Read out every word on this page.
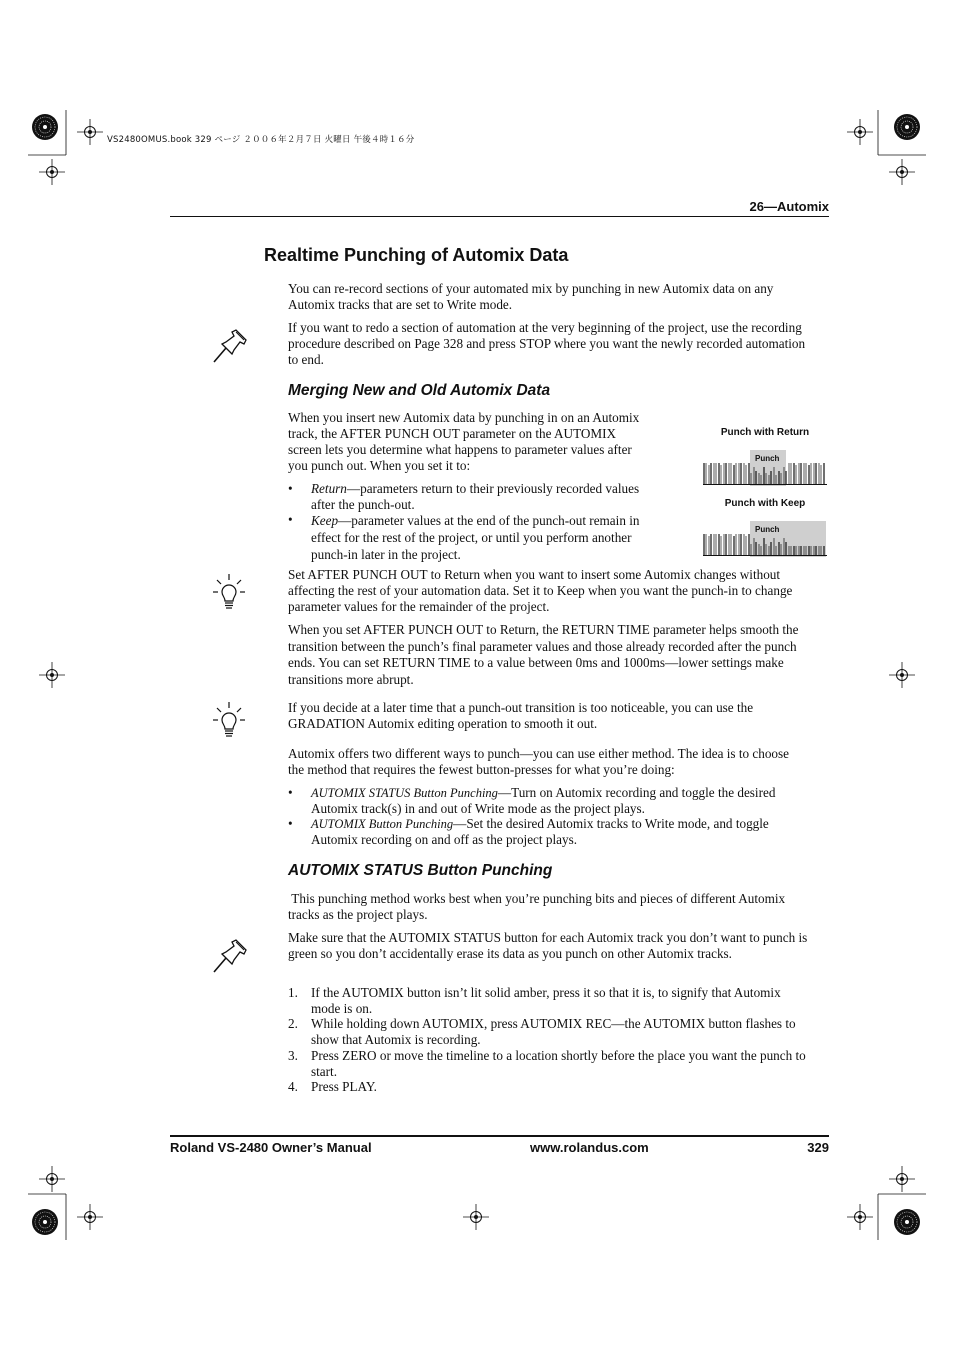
VS2480OMUS.book 329 ページ ２００６年２月７日 火曜日 午後４時１６分
26—Automix
Realtime Punching of Automix Data
You can re-record sections of your automated mix by punching in new Automix data on any Automix tracks that are set to Write mode.
If you want to redo a section of automation at the very beginning of the project, use the recording procedure described on Page 328 and press STOP where you want the newly recorded automation to end.
Merging New and Old Automix Data
When you insert new Automix data by punching in on an Automix track, the AFTER PUNCH OUT parameter on the AUTOMIX screen lets you determine what happens to parameter values after you punch out. When you set it to:
• Return—parameters return to their previously recorded values after the punch-out.
• Keep—parameter values at the end of the punch-out remain in effect for the rest of the project, or until you perform another punch-in later in the project.
Punch with Return
Punch
Punch with Keep
Punch
Set AFTER PUNCH OUT to Return when you want to insert some Automix changes without affecting the rest of your automation data. Set it to Keep when you want the punch-in to change parameter values for the remainder of the project.
When you set AFTER PUNCH OUT to Return, the RETURN TIME parameter helps smooth the transition between the punch’s final parameter values and those already recorded after the punch ends. You can set RETURN TIME to a value between 0ms and 1000ms—lower settings make transitions more abrupt.
If you decide at a later time that a punch-out transition is too noticeable, you can use the GRADATION Automix editing operation to smooth it out.
Automix offers two different ways to punch—you can use either method. The idea is to choose the method that requires the fewest button-presses for what you’re doing:
• AUTOMIX STATUS Button Punching—Turn on Automix recording and toggle the desired Automix track(s) in and out of Write mode as the project plays.
• AUTOMIX Button Punching—Set the desired Automix tracks to Write mode, and toggle Automix recording on and off as the project plays.
AUTOMIX STATUS Button Punching
This punching method works best when you’re punching bits and pieces of different Automix tracks as the project plays.
Make sure that the AUTOMIX STATUS button for each Automix track you don’t want to punch is green so you don’t accidentally erase its data as you punch on other Automix tracks.
1. If the AUTOMIX button isn’t lit solid amber, press it so that it is, to signify that Automix mode is on.
2. While holding down AUTOMIX, press AUTOMIX REC—the AUTOMIX button flashes to show that Automix is recording.
3. Press ZERO or move the timeline to a location shortly before the place you want the punch to start.
4. Press PLAY.
Roland VS-2480 Owner’s Manual	www.rolandus.com	329
